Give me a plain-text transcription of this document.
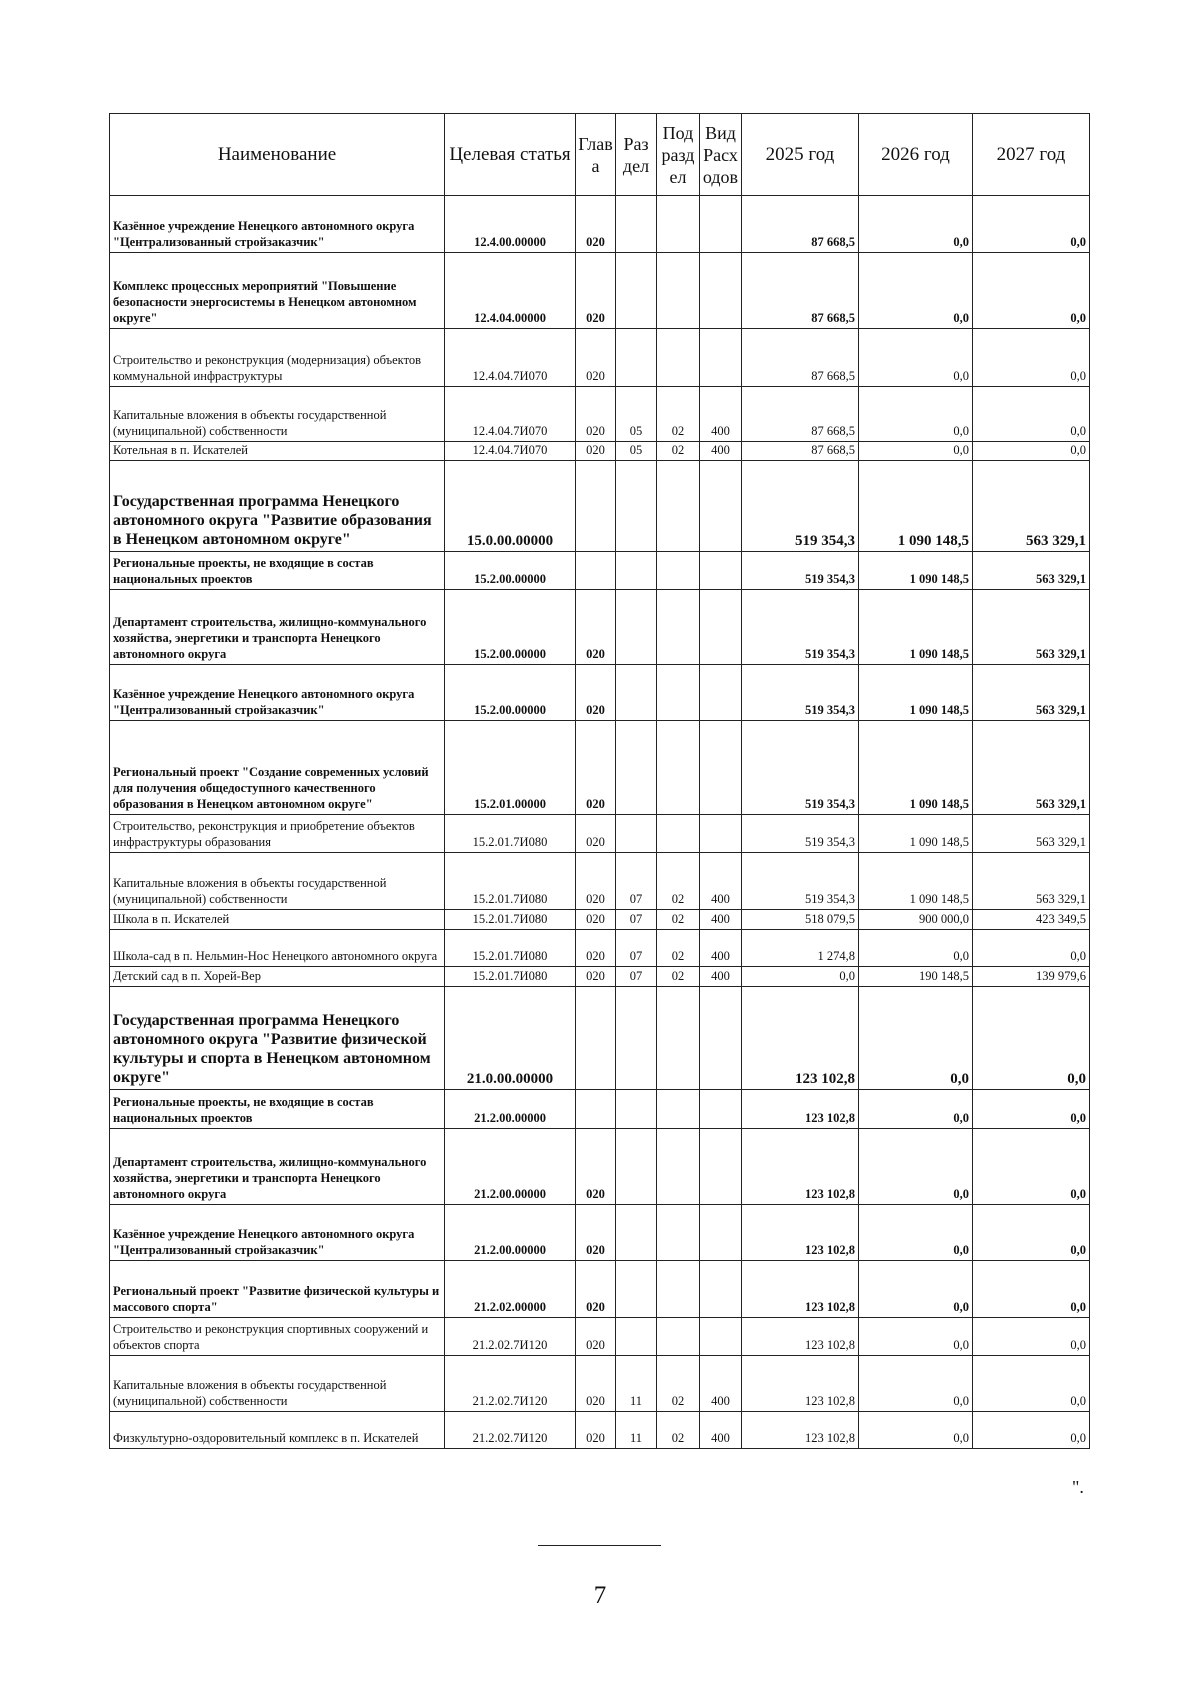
Наименование	Целевая статья	Глав а	Раз дел	Под разд ел	Вид Расх одов	2025 год	2026 год	2027 год
Казённое учреждение Ненецкого автономного округа "Централизованный стройзаказчик"	12.4.00.00000	020				87 668,5	0,0	0,0
Комплекс процессных мероприятий "Повышение безопасности энергосистемы в Ненецком автономном округе"	12.4.04.00000	020				87 668,5	0,0	0,0
Строительство и реконструкция (модернизация) объектов коммунальной инфраструктуры	12.4.04.7И070	020				87 668,5	0,0	0,0
Капитальные вложения в объекты государственной (муниципальной) собственности	12.4.04.7И070	020	05	02	400	87 668,5	0,0	0,0
Котельная в п. Искателей	12.4.04.7И070	020	05	02	400	87 668,5	0,0	0,0
Государственная программа Ненецкого автономного округа "Развитие образования в Ненецком автономном округе"	15.0.00.00000					519 354,3	1 090 148,5	563 329,1
Региональные проекты, не входящие в состав национальных проектов	15.2.00.00000					519 354,3	1 090 148,5	563 329,1
Департамент строительства, жилищно-коммунального хозяйства, энергетики и транспорта Ненецкого автономного округа	15.2.00.00000	020				519 354,3	1 090 148,5	563 329,1
Казённое учреждение Ненецкого автономного округа "Централизованный стройзаказчик"	15.2.00.00000	020				519 354,3	1 090 148,5	563 329,1
Региональный проект "Создание современных условий для получения общедоступного качественного образования в Ненецком автономном округе"	15.2.01.00000	020				519 354,3	1 090 148,5	563 329,1
Строительство, реконструкция и приобретение объектов инфраструктуры образования	15.2.01.7И080	020				519 354,3	1 090 148,5	563 329,1
Капитальные вложения в объекты государственной (муниципальной) собственности	15.2.01.7И080	020	07	02	400	519 354,3	1 090 148,5	563 329,1
Школа в п. Искателей	15.2.01.7И080	020	07	02	400	518 079,5	900 000,0	423 349,5
Школа-сад в п. Нельмин-Нос Ненецкого автономного округа	15.2.01.7И080	020	07	02	400	1 274,8	0,0	0,0
Детский сад в п. Хорей-Вер	15.2.01.7И080	020	07	02	400	0,0	190 148,5	139 979,6
Государственная программа Ненецкого автономного округа "Развитие физической культуры и спорта в Ненецком автономном округе"	21.0.00.00000					123 102,8	0,0	0,0
Региональные проекты, не входящие в состав национальных проектов	21.2.00.00000					123 102,8	0,0	0,0
Департамент строительства, жилищно-коммунального хозяйства, энергетики и транспорта Ненецкого автономного округа	21.2.00.00000	020				123 102,8	0,0	0,0
Казённое учреждение Ненецкого автономного округа "Централизованный стройзаказчик"	21.2.00.00000	020				123 102,8	0,0	0,0
Региональный проект "Развитие физической культуры и массового спорта"	21.2.02.00000	020				123 102,8	0,0	0,0
Строительство и реконструкция спортивных сооружений и объектов спорта	21.2.02.7И120	020				123 102,8	0,0	0,0
Капитальные вложения в объекты государственной (муниципальной) собственности	21.2.02.7И120	020	11	02	400	123 102,8	0,0	0,0
Физкультурно-оздоровительный комплекс в п. Искателей	21.2.02.7И120	020	11	02	400	123 102,8	0,0	0,0
".
7
